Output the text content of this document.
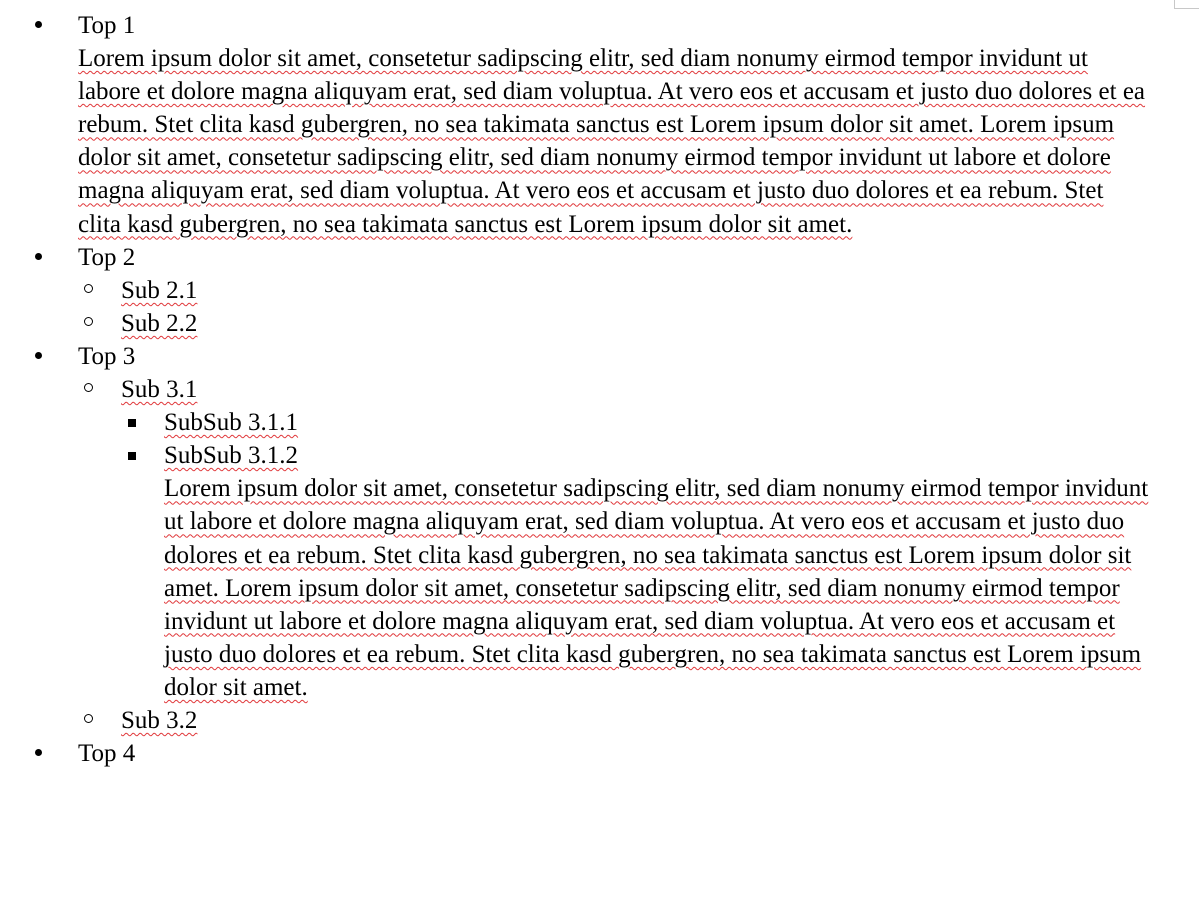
Top 1
Lorem ipsum dolor sit amet, consetetur sadipscing elitr, sed diam nonumy eirmod tempor invidunt ut labore et dolore magna aliquyam erat, sed diam voluptua. At vero eos et accusam et justo duo dolores et ea rebum. Stet clita kasd gubergren, no sea takimata sanctus est Lorem ipsum dolor sit amet. Lorem ipsum dolor sit amet, consetetur sadipscing elitr, sed diam nonumy eirmod tempor invidunt ut labore et dolore magna aliquyam erat, sed diam voluptua. At vero eos et accusam et justo duo dolores et ea rebum. Stet clita kasd gubergren, no sea takimata sanctus est Lorem ipsum dolor sit amet.
Top 2
Sub 2.1
Sub 2.2
Top 3
Sub 3.1
SubSub 3.1.1
SubSub 3.1.2
Lorem ipsum dolor sit amet, consetetur sadipscing elitr, sed diam nonumy eirmod tempor invidunt ut labore et dolore magna aliquyam erat, sed diam voluptua. At vero eos et accusam et justo duo dolores et ea rebum. Stet clita kasd gubergren, no sea takimata sanctus est Lorem ipsum dolor sit amet. Lorem ipsum dolor sit amet, consetetur sadipscing elitr, sed diam nonumy eirmod tempor invidunt ut labore et dolore magna aliquyam erat, sed diam voluptua. At vero eos et accusam et justo duo dolores et ea rebum. Stet clita kasd gubergren, no sea takimata sanctus est Lorem ipsum dolor sit amet.
Sub 3.2
Top 4
